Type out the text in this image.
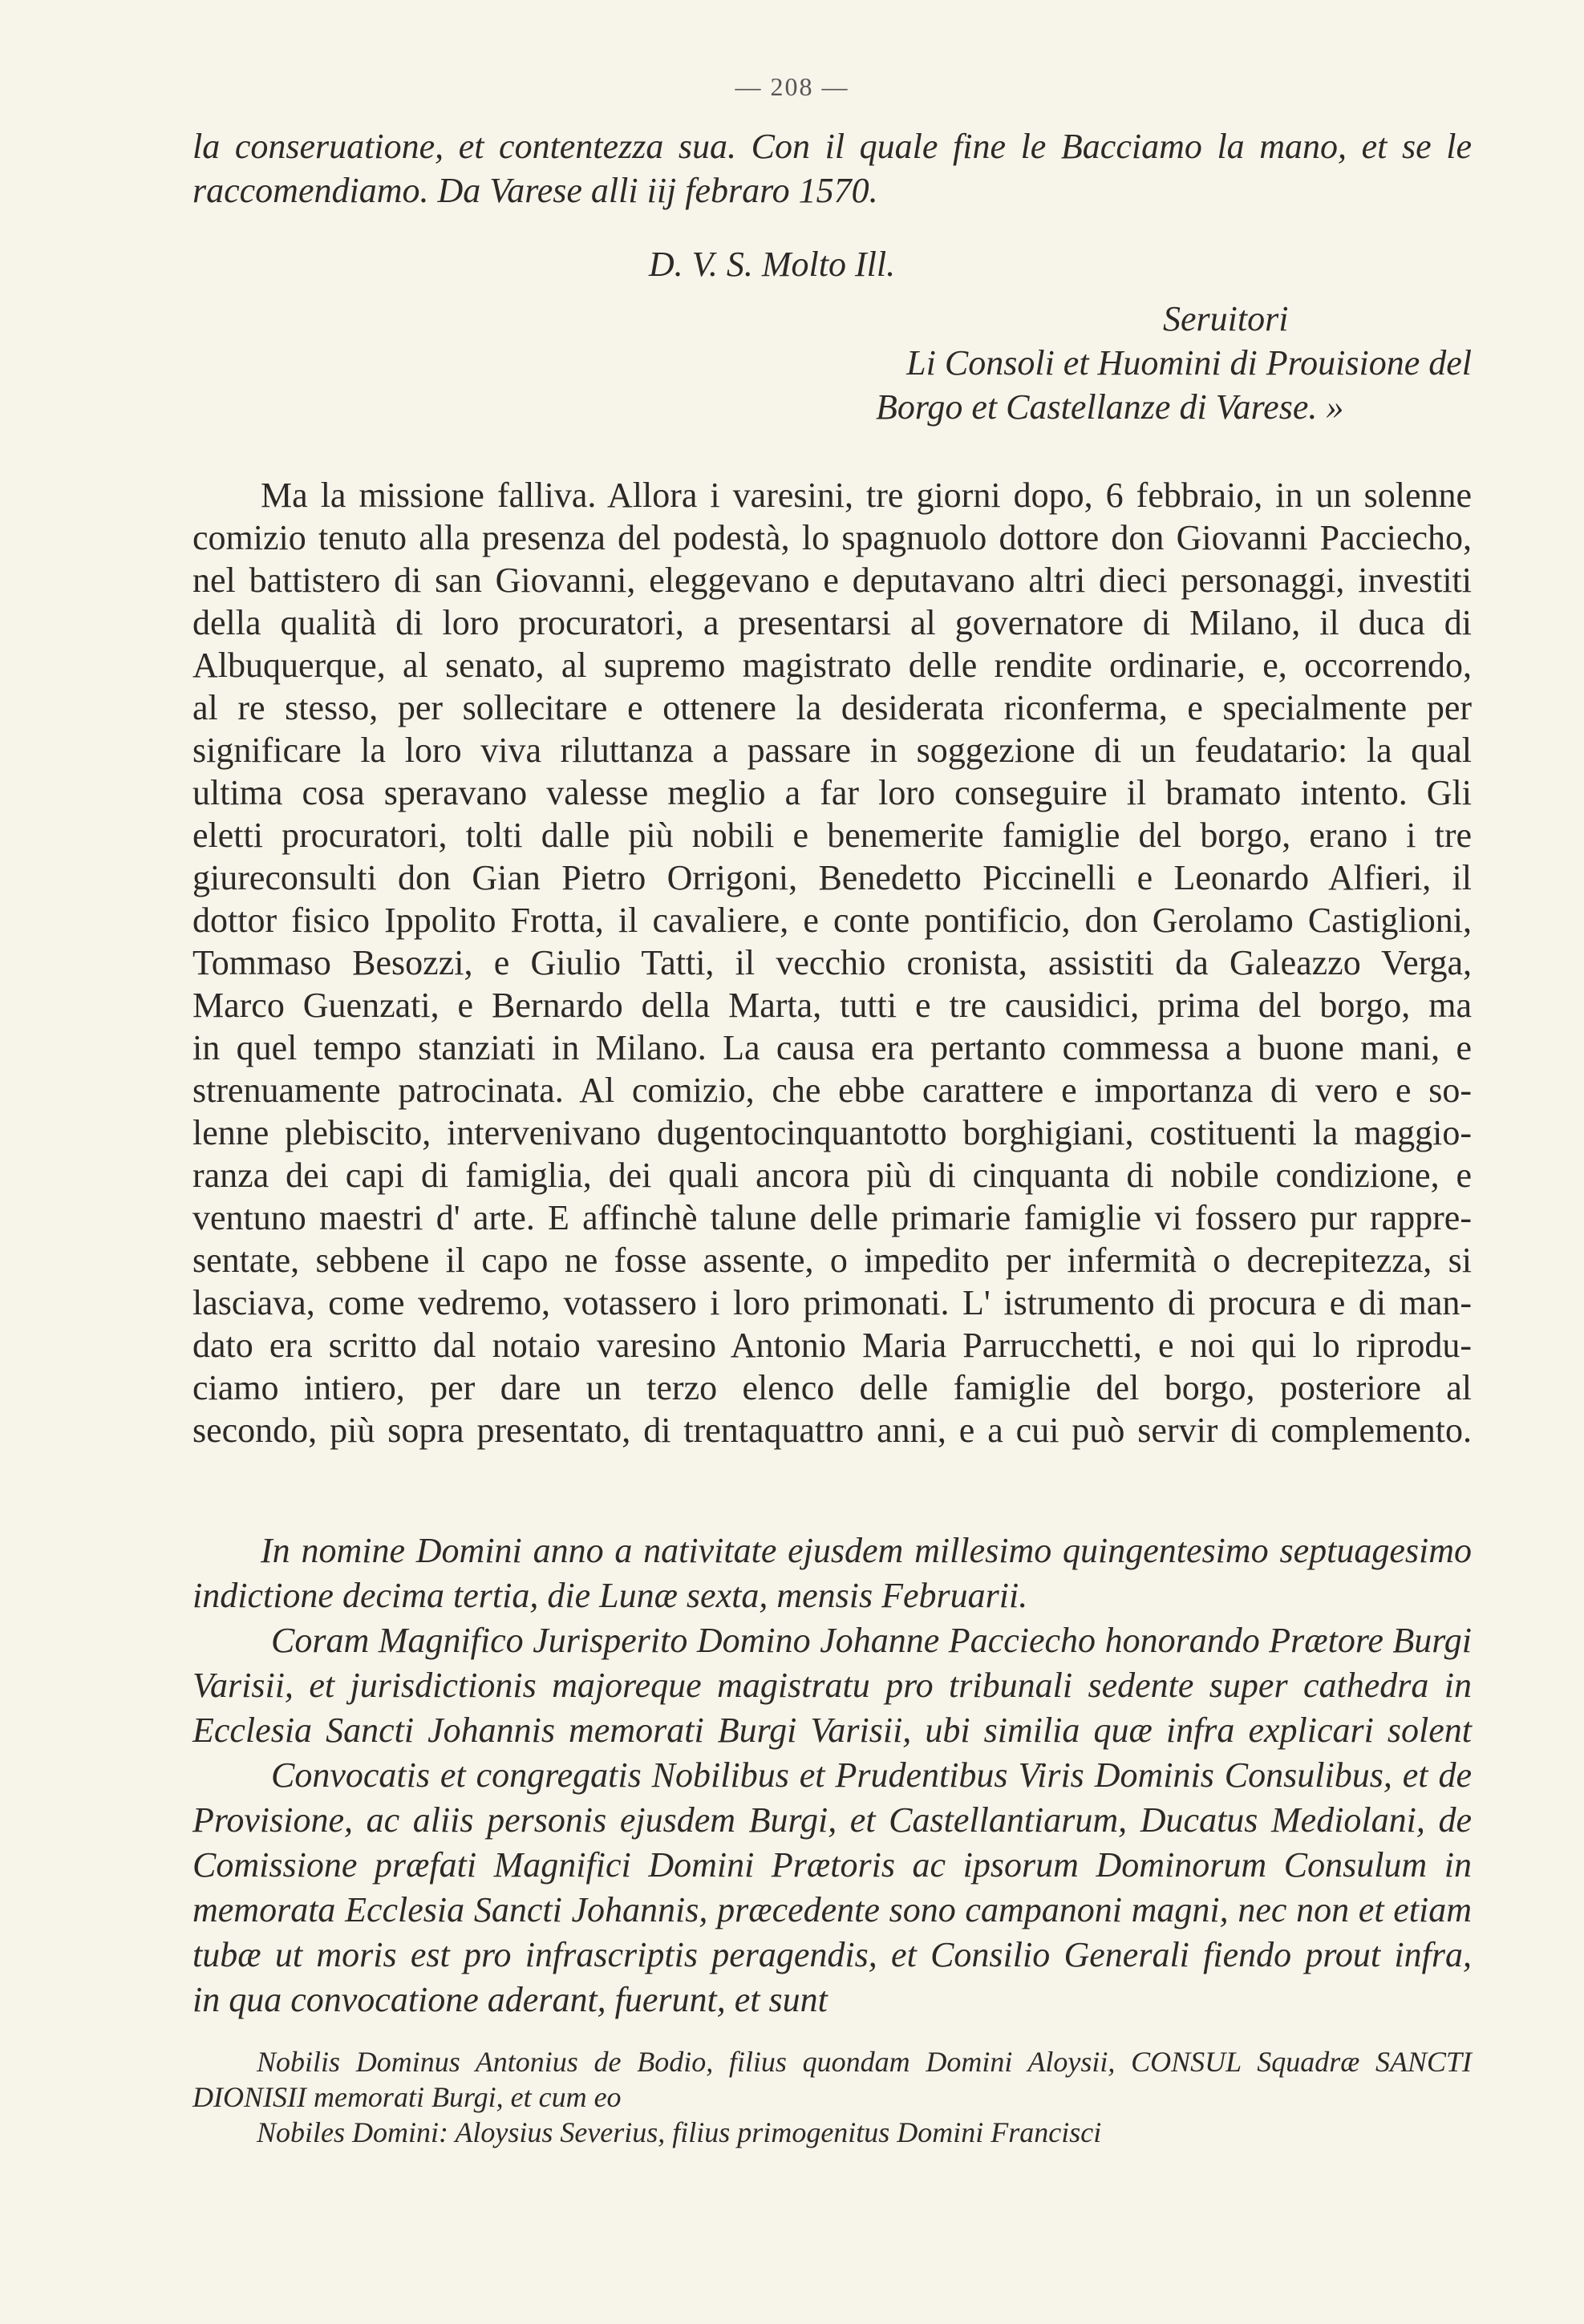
— 208 —
la conseruatione, et contentezza sua. Con il quale fine le Bacciamo la mano, et se le
raccomendiamo. Da Varese alli iij febraro 1570.
D. V. S. Molto Ill.
Seruitori
Li Consoli et Huomini di Prouisione del
Borgo et Castellanze di Varese. »
Ma la missione falliva. Allora i varesini, tre giorni dopo, 6 febbraio, in un solenne
comizio tenuto alla presenza del podestà, lo spagnuolo dottore don Giovanni Pacciecho,
nel battistero di san Giovanni, eleggevano e deputavano altri dieci personaggi, investiti
della qualità di loro procuratori, a presentarsi al governatore di Milano, il duca di
Albuquerque, al senato, al supremo magistrato delle rendite ordinarie, e, occorrendo,
al re stesso, per sollecitare e ottenere la desiderata riconferma, e specialmente per
significare la loro viva riluttanza a passare in soggezione di un feudatario: la qual
ultima cosa speravano valesse meglio a far loro conseguire il bramato intento. Gli
eletti procuratori, tolti dalle più nobili e benemerite famiglie del borgo, erano i tre
giureconsulti don Gian Pietro Orrigoni, Benedetto Piccinelli e Leonardo Alfieri, il
dottor fisico Ippolito Frotta, il cavaliere, e conte pontificio, don Gerolamo Castiglioni,
Tommaso Besozzi, e Giulio Tatti, il vecchio cronista, assistiti da Galeazzo Verga,
Marco Guenzati, e Bernardo della Marta, tutti e tre causidici, prima del borgo, ma
in quel tempo stanziati in Milano. La causa era pertanto commessa a buone mani, e
strenuamente patrocinata. Al comizio, che ebbe carattere e importanza di vero e so-
lenne plebiscito, intervenivano dugentocinquantotto borghigiani, costituenti la maggio-
ranza dei capi di famiglia, dei quali ancora più di cinquanta di nobile condizione, e
ventuno maestri d' arte. E affinchè talune delle primarie famiglie vi fossero pur rappre-
sentate, sebbene il capo ne fosse assente, o impedito per infermità o decrepitezza, si
lasciava, come vedremo, votassero i loro primonati. L' istrumento di procura e di man-
dato era scritto dal notaio varesino Antonio Maria Parrucchetti, e noi qui lo riprodu-
ciamo intiero, per dare un terzo elenco delle famiglie del borgo, posteriore al
secondo, più sopra presentato, di trentaquattro anni, e a cui può servir di complemento.
In nomine Domini anno a nativitate ejusdem millesimo quingentesimo septuagesimo
indictione decima tertia, die Lunæ sexta, mensis Februarii.
Coram Magnifico Jurisperito Domino Johanne Pacciecho honorando Prætore Burgi
Varisii, et jurisdictionis majoreque magistratu pro tribunali sedente super cathedra in
Ecclesia Sancti Johannis memorati Burgi Varisii, ubi similia quæ infra explicari solent
Convocatis et congregatis Nobilibus et Prudentibus Viris Dominis Consulibus, et de
Provisione, ac aliis personis ejusdem Burgi, et Castellantiarum, Ducatus Mediolani, de
Comissione præfati Magnifici Domini Prætoris ac ipsorum Dominorum Consulum in
memorata Ecclesia Sancti Johannis, præcedente sono campanoni magni, nec non et etiam
tubæ ut moris est pro infrascriptis peragendis, et Consilio Generali fiendo prout infra,
in qua convocatione aderant, fuerunt, et sunt
Nobilis Dominus Antonius de Bodio, filius quondam Domini Aloysii, CONSUL Squadræ SANCTI
DIONISII memorati Burgi, et cum eo
Nobiles Domini: Aloysius Severius, filius primogenitus Domini Francisci
